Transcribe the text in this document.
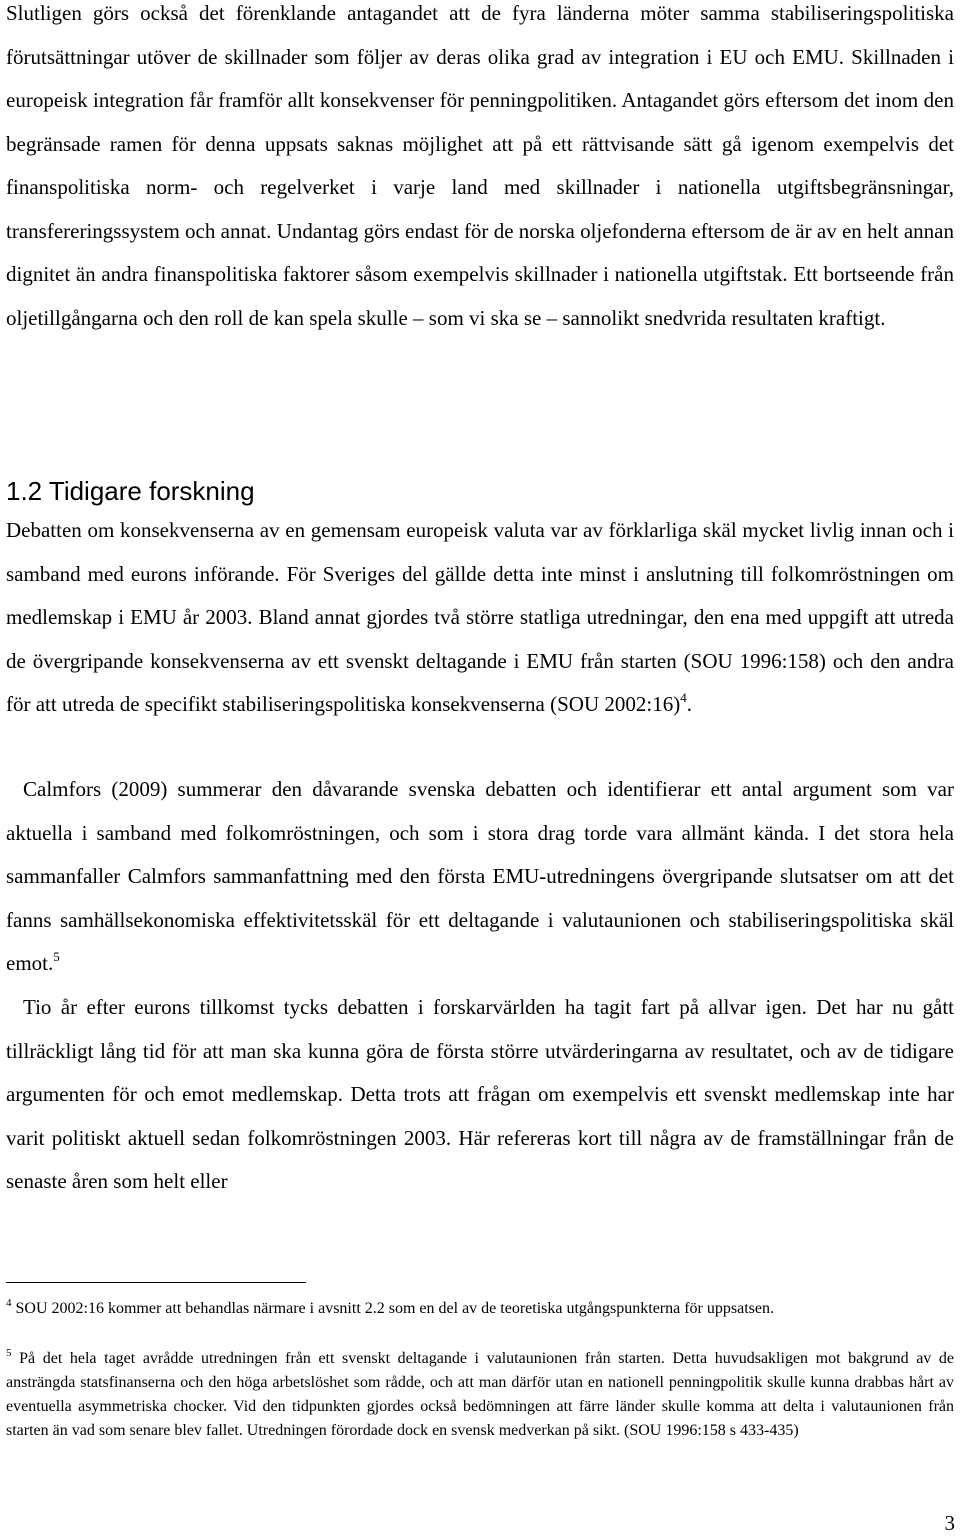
Slutligen görs också det förenklande antagandet att de fyra länderna möter samma stabiliseringspolitiska förutsättningar utöver de skillnader som följer av deras olika grad av integration i EU och EMU. Skillnaden i europeisk integration får framför allt konsekvenser för penningpolitiken. Antagandet görs eftersom det inom den begränsade ramen för denna uppsats saknas möjlighet att på ett rättvisande sätt gå igenom exempelvis det finanspolitiska norm- och regelverket i varje land med skillnader i nationella utgiftsbegränsningar, transfereringssystem och annat. Undantag görs endast för de norska oljefonderna eftersom de är av en helt annan dignitet än andra finanspolitiska faktorer såsom exempelvis skillnader i nationella utgiftstak. Ett bortseende från oljetillgångarna och den roll de kan spela skulle – som vi ska se – sannolikt snedvrida resultaten kraftigt.

1.2 Tidigare forskning

Debatten om konsekvenserna av en gemensam europeisk valuta var av förklarliga skäl mycket livlig innan och i samband med eurons införande. För Sveriges del gällde detta inte minst i anslutning till folkomröstningen om medlemskap i EMU år 2003. Bland annat gjordes två större statliga utredningar, den ena med uppgift att utreda de övergripande konsekvenserna av ett svenskt deltagande i EMU från starten (SOU 1996:158) och den andra för att utreda de specifikt stabiliseringspolitiska konsekvenserna (SOU 2002:16)$^4$.

Calmfors (2009) summerar den dåvarande svenska debatten och identifierar ett antal argument som var aktuella i samband med folkomröstningen, och som i stora drag torde vara allmänt kända. I det stora hela sammanfaller Calmfors sammanfattning med den första EMU-utredningens övergripande slutsatser om att det fanns samhällsekonomiska effektivitetsskäl för ett deltagande i valutaunionen och stabiliseringspolitiska skäl emot.$^5$

Tio år efter eurons tillkomst tycks debatten i forskarvärlden ha tagit fart på allvar igen. Det har nu gått tillräckligt lång tid för att man ska kunna göra de första större utvärderingarna av resultatet, och av de tidigare argumenten för och emot medlemskap. Detta trots att frågan om exempelvis ett svenskt medlemskap inte har varit politiskt aktuell sedan folkomröstningen 2003. Här refereras kort till några av de framställningar från de senaste åren som helt eller

$^4$ SOU 2002:16 kommer att behandlas närmare i avsnitt 2.2 som en del av de teoretiska utgångspunkterna för uppsatsen.

$^5$ På det hela taget avrådde utredningen från ett svenskt deltagande i valutaunionen från starten. Detta huvudsakligen mot bakgrund av de ansträngda statsfinanserna och den höga arbetslöshet som rådde, och att man därför utan en nationell penningpolitik skulle kunna drabbas hårt av eventuella asymmetriska chocker. Vid den tidpunkten gjordes också bedömningen att färre länder skulle komma att delta i valutaunionen från starten än vad som senare blev fallet. Utredningen förordade dock en svensk medverkan på sikt. (SOU 1996:158 s 433-435)

3
